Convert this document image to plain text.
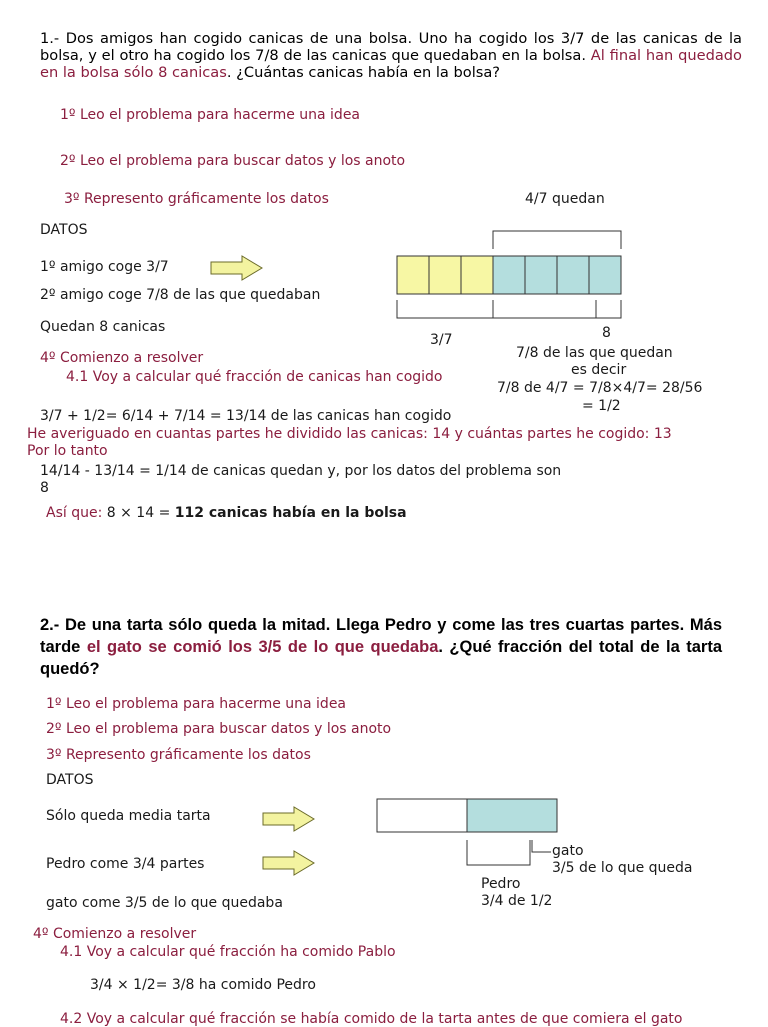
1.- Dos amigos han cogido canicas de una bolsa. Uno ha cogido los 3/7 de las canicas de la bolsa, y el otro ha cogido los 7/8 de las canicas que quedaban en la bolsa. Al final han quedado en la bolsa sólo 8 canicas. ¿Cuántas canicas había en la bolsa?
1º Leo el problema para hacerme una idea
2º Leo el problema para buscar datos y los anoto
3º Represento gráficamente los datos	4/7 quedan
DATOS
1º amigo coge 3/7
2º amigo coge 7/8 de las que quedaban
Quedan 8 canicas
3/7	8
7/8 de las que quedan
es decir
7/8 de 4/7 = 7/8×4/7= 28/56
= 1/2
4º Comienzo a resolver
4.1 Voy a calcular qué fracción de canicas han cogido
3/7 + 1/2= 6/14 + 7/14 = 13/14 de las canicas han cogido
He averiguado en cuantas partes he dividido las canicas: 14 y cuántas partes he cogido: 13
Por lo tanto
14/14 - 13/14 = 1/14 de canicas quedan y, por los datos del problema son
8
Así que: 8 × 14 = 112 canicas había en la bolsa
2.- De una tarta sólo queda la mitad. Llega Pedro y come las tres cuartas partes. Más tarde el gato se comió los 3/5 de lo que quedaba. ¿Qué fracción del total de la tarta quedó?
1º Leo el problema para hacerme una idea
2º Leo el problema para buscar datos y los anoto
3º Represento gráficamente los datos
DATOS
Sólo queda media tarta
Pedro come 3/4 partes
gato come 3/5 de lo que quedaba
gato
3/5 de lo que queda
Pedro
3/4 de 1/2
4º Comienzo a resolver
4.1 Voy a calcular qué fracción ha comido Pablo
3/4 × 1/2= 3/8 ha comido Pedro
4.2 Voy a calcular qué fracción se había comido de la tarta antes de que comiera el gato
